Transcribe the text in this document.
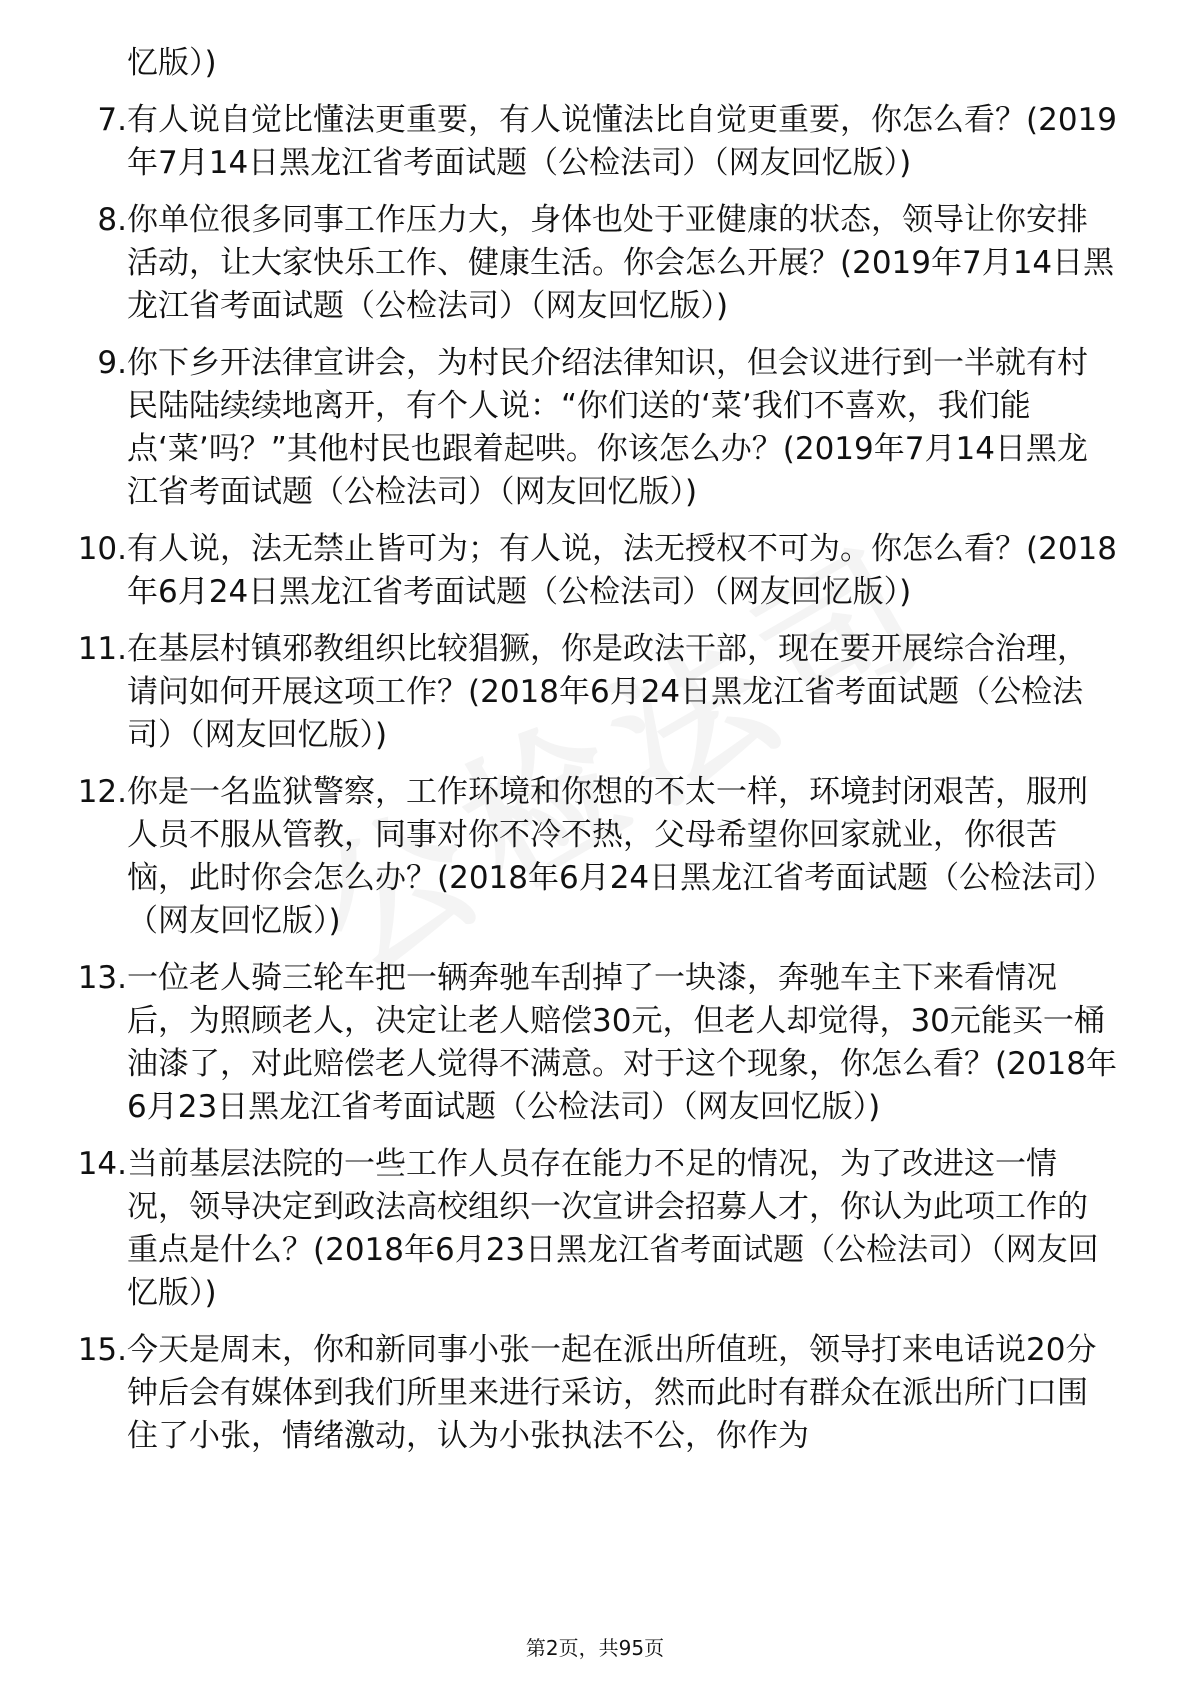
忆版）)
7. 有人说自觉比懂法更重要，有人说懂法比自觉更重要，你怎么看？(2019年7月14日黑龙江省考面试题（公检法司）（网友回忆版）)
8. 你单位很多同事工作压力大，身体也处于亚健康的状态，领导让你安排活动，让大家快乐工作、健康生活。你会怎么开展？(2019年7月14日黑龙江省考面试题（公检法司）（网友回忆版）)
9. 你下乡开法律宣讲会，为村民介绍法律知识，但会议进行到一半就有村民陆陆续续地离开，有个人说：“你们送的‘菜’我们不喜欢，我们能点‘菜’吗？”其他村民也跟着起哄。你该怎么办？(2019年7月14日黑龙江省考面试题（公检法司）（网友回忆版）)
10. 有人说，法无禁止皆可为；有人说，法无授权不可为。你怎么看？(2018年6月24日黑龙江省考面试题（公检法司）（网友回忆版）)
11. 在基层村镇邪教组织比较猖獗，你是政法干部，现在要开展综合治理，请问如何开展这项工作？(2018年6月24日黑龙江省考面试题（公检法司）（网友回忆版）)
12. 你是一名监狱警察，工作环境和你想的不太一样，环境封闭艰苦，服刑人员不服从管教，同事对你不冷不热，父母希望你回家就业，你很苦恼，此时你会怎么办？(2018年6月24日黑龙江省考面试题（公检法司）（网友回忆版）)
13. 一位老人骑三轮车把一辆奔驰车刮掉了一块漆，奔驰车主下来看情况后，为照顾老人，决定让老人赔偿30元，但老人却觉得，30元能买一桶油漆了，对此赔偿老人觉得不满意。对于这个现象，你怎么看？(2018年6月23日黑龙江省考面试题（公检法司）（网友回忆版）)
14. 当前基层法院的一些工作人员存在能力不足的情况，为了改进这一情况，领导决定到政法高校组织一次宣讲会招募人才，你认为此项工作的重点是什么？(2018年6月23日黑龙江省考面试题（公检法司）（网友回忆版）)
15. 今天是周末，你和新同事小张一起在派出所值班，领导打来电话说20分钟后会有媒体到我们所里来进行采访，然而此时有群众在派出所门口围住了小张，情绪激动，认为小张执法不公，你作为
第2页，共95页
